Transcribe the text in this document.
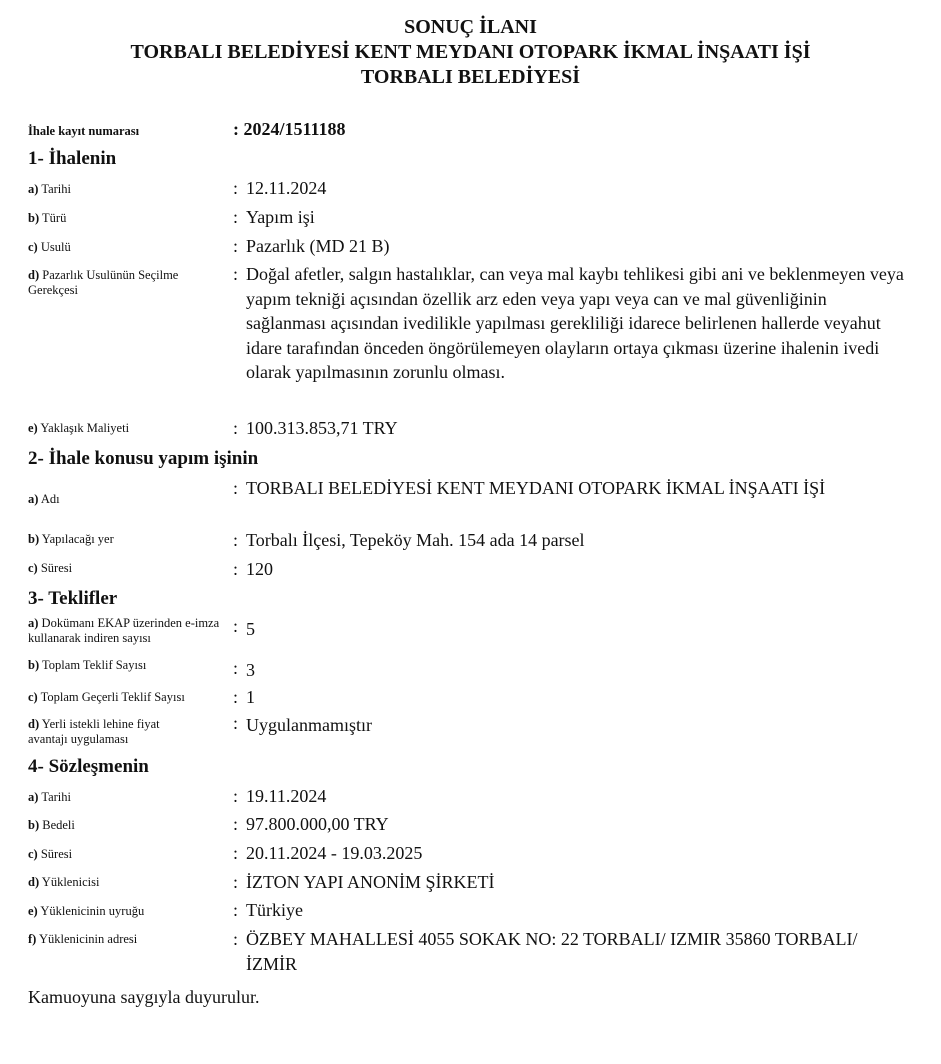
SONUÇ İLANI
TORBALI BELEDİYESİ KENT MEYDANI OTOPARK İKMAL İNŞAATI İŞİ
TORBALI BELEDİYESİ
İhale kayıt numarası	: 2024/1511188
1- İhalenin
a) Tarihi	: 12.11.2024
b) Türü	: Yapım işi
c) Usulü	: Pazarlık (MD 21 B)
d) Pazarlık Usulünün Seçilme Gerekçesi
: Doğal afetler, salgın hastalıklar, can veya mal kaybı tehlikesi gibi ani ve beklenmeyen veya yapım tekniği açısından özellik arz eden veya yapı veya can ve mal güvenliğinin sağlanması açısından ivedilikle yapılması gerekliliği idarece belirlenen hallerde veyahut idare tarafından önceden öngörülemeyen olayların ortaya çıkması üzerine ihalenin ivedi olarak yapılmasının zorunlu olması.
e) Yaklaşık Maliyeti	: 100.313.853,71 TRY
2- İhale konusu yapım işinin
a) Adı
: TORBALI BELEDİYESİ KENT MEYDANI OTOPARK İKMAL İNŞAATI İŞİ
b) Yapılacağı yer	: Torbalı İlçesi, Tepeköy Mah. 154 ada 14 parsel
c) Süresi	: 120
3- Teklifler
a) Dokümanı EKAP üzerinden e-imza kullanarak indiren sayısı
: 5
b) Toplam Teklif Sayısı	: 3
c) Toplam Geçerli Teklif Sayısı	: 1
d) Yerli istekli lehine fiyat avantajı uygulaması
: Uygulanmamıştır
4- Sözleşmenin
a) Tarihi	: 19.11.2024
b) Bedeli	: 97.800.000,00 TRY
c) Süresi	: 20.11.2024 - 19.03.2025
d) Yüklenicisi	: İZTON YAPI ANONİM ŞİRKETİ
e) Yüklenicinin uyruğu	: Türkiye
f) Yüklenicinin adresi	: ÖZBEY MAHALLESİ 4055 SOKAK NO: 22 TORBALI/ IZMIR 35860 TORBALI/İZMİR
Kamuoyuna saygıyla duyurulur.
